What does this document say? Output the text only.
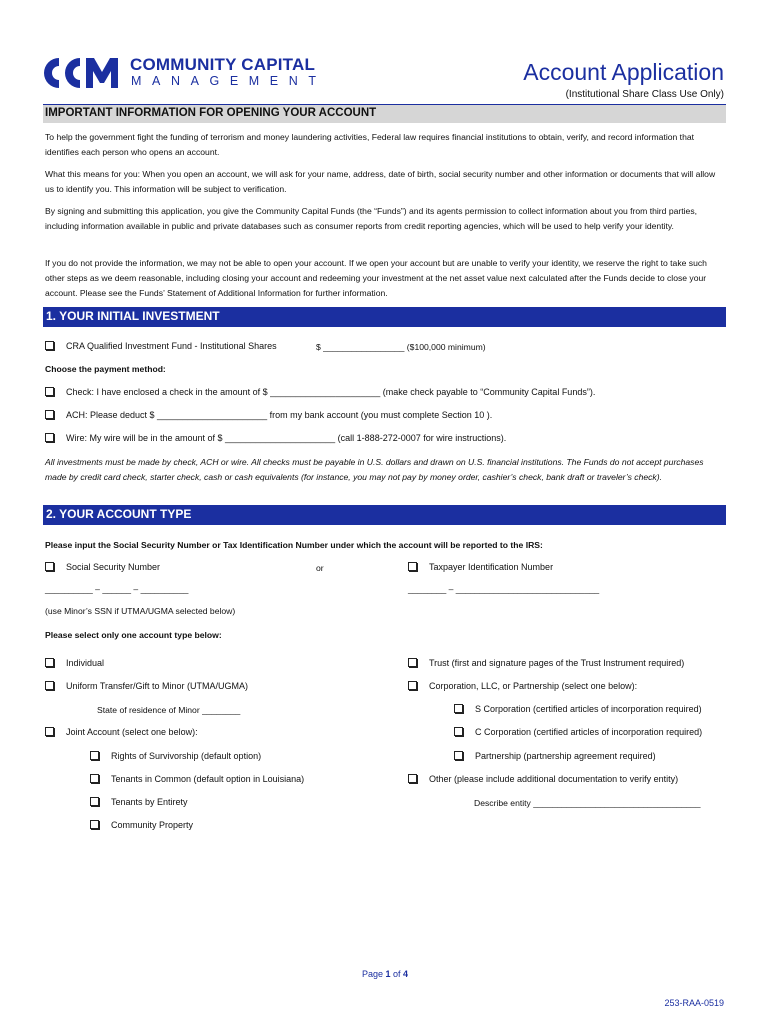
COMMUNITY CAPITAL
MANAGEMENT	Account Application
(Institutional Share Class Use Only)
IMPORTANT INFORMATION FOR OPENING YOUR ACCOUNT
To help the government fight the funding of terrorism and money laundering activities, Federal law requires financial institutions to obtain, verify, and record information that identifies each person who opens an account.
What this means for you: When you open an account, we will ask for your name, address, date of birth, social security number and other information or documents that will allow us to identify you. This information will be subject to verification.
By signing and submitting this application, you give the Community Capital Funds (the “Funds”) and its agents permission to collect information about you from third parties, including information available in public and private databases such as consumer reports from credit reporting agencies, which will be used to help verify your identity.
If you do not provide the information, we may not be able to open your account. If we open your account but are unable to verify your identity, we reserve the right to take such other steps as we deem reasonable, including closing your account and redeeming your investment at the net asset value next calculated after the Funds decide to close your account. Please see the Funds’ Statement of Additional Information for further information.
1. YOUR INITIAL INVESTMENT
CRA Qualified Investment Fund - Institutional Shares	$ _________________ ($100,000 minimum)
Choose the payment method:
Check: I have enclosed a check in the amount of $ ______________________ (make check payable to “Community Capital Funds”).
ACH: Please deduct $ ______________________ from my bank account (you must complete Section 10 ).
Wire: My wire will be in the amount of $ ______________________ (call 1-888-272-0007 for wire instructions).
All investments must be made by check, ACH or wire. All checks must be payable in U.S. dollars and drawn on U.S. financial institutions. The Funds do not accept purchases made by credit card check, starter check, cash or cash equivalents (for instance, you may not pay by money order, cashier’s check, bank draft or traveler’s check).
2. YOUR ACCOUNT TYPE
Please input the Social Security Number or Tax Identification Number under which the account will be reported to the IRS:
Social Security Number	or	Taxpayer Identification Number
__________ – ______ – __________	________ – ______________________________
(use Minor’s SSN if UTMA/UGMA selected below)
Please select only one account type below:
Individual	Trust (first and signature pages of the Trust Instrument required)
Uniform Transfer/Gift to Minor (UTMA/UGMA)	Corporation, LLC, or Partnership (select one below):
State of residence of Minor ________	S Corporation (certified articles of incorporation required)
Joint Account (select one below):	C Corporation (certified articles of incorporation required)
Rights of Survivorship (default option)	Partnership (partnership agreement required)
Tenants in Common (default option in Louisiana)	Other (please include additional documentation to verify entity)
Tenants by Entirety	Describe entity ___________________________________
Community Property
Page 1 of 4
253-RAA-0519
